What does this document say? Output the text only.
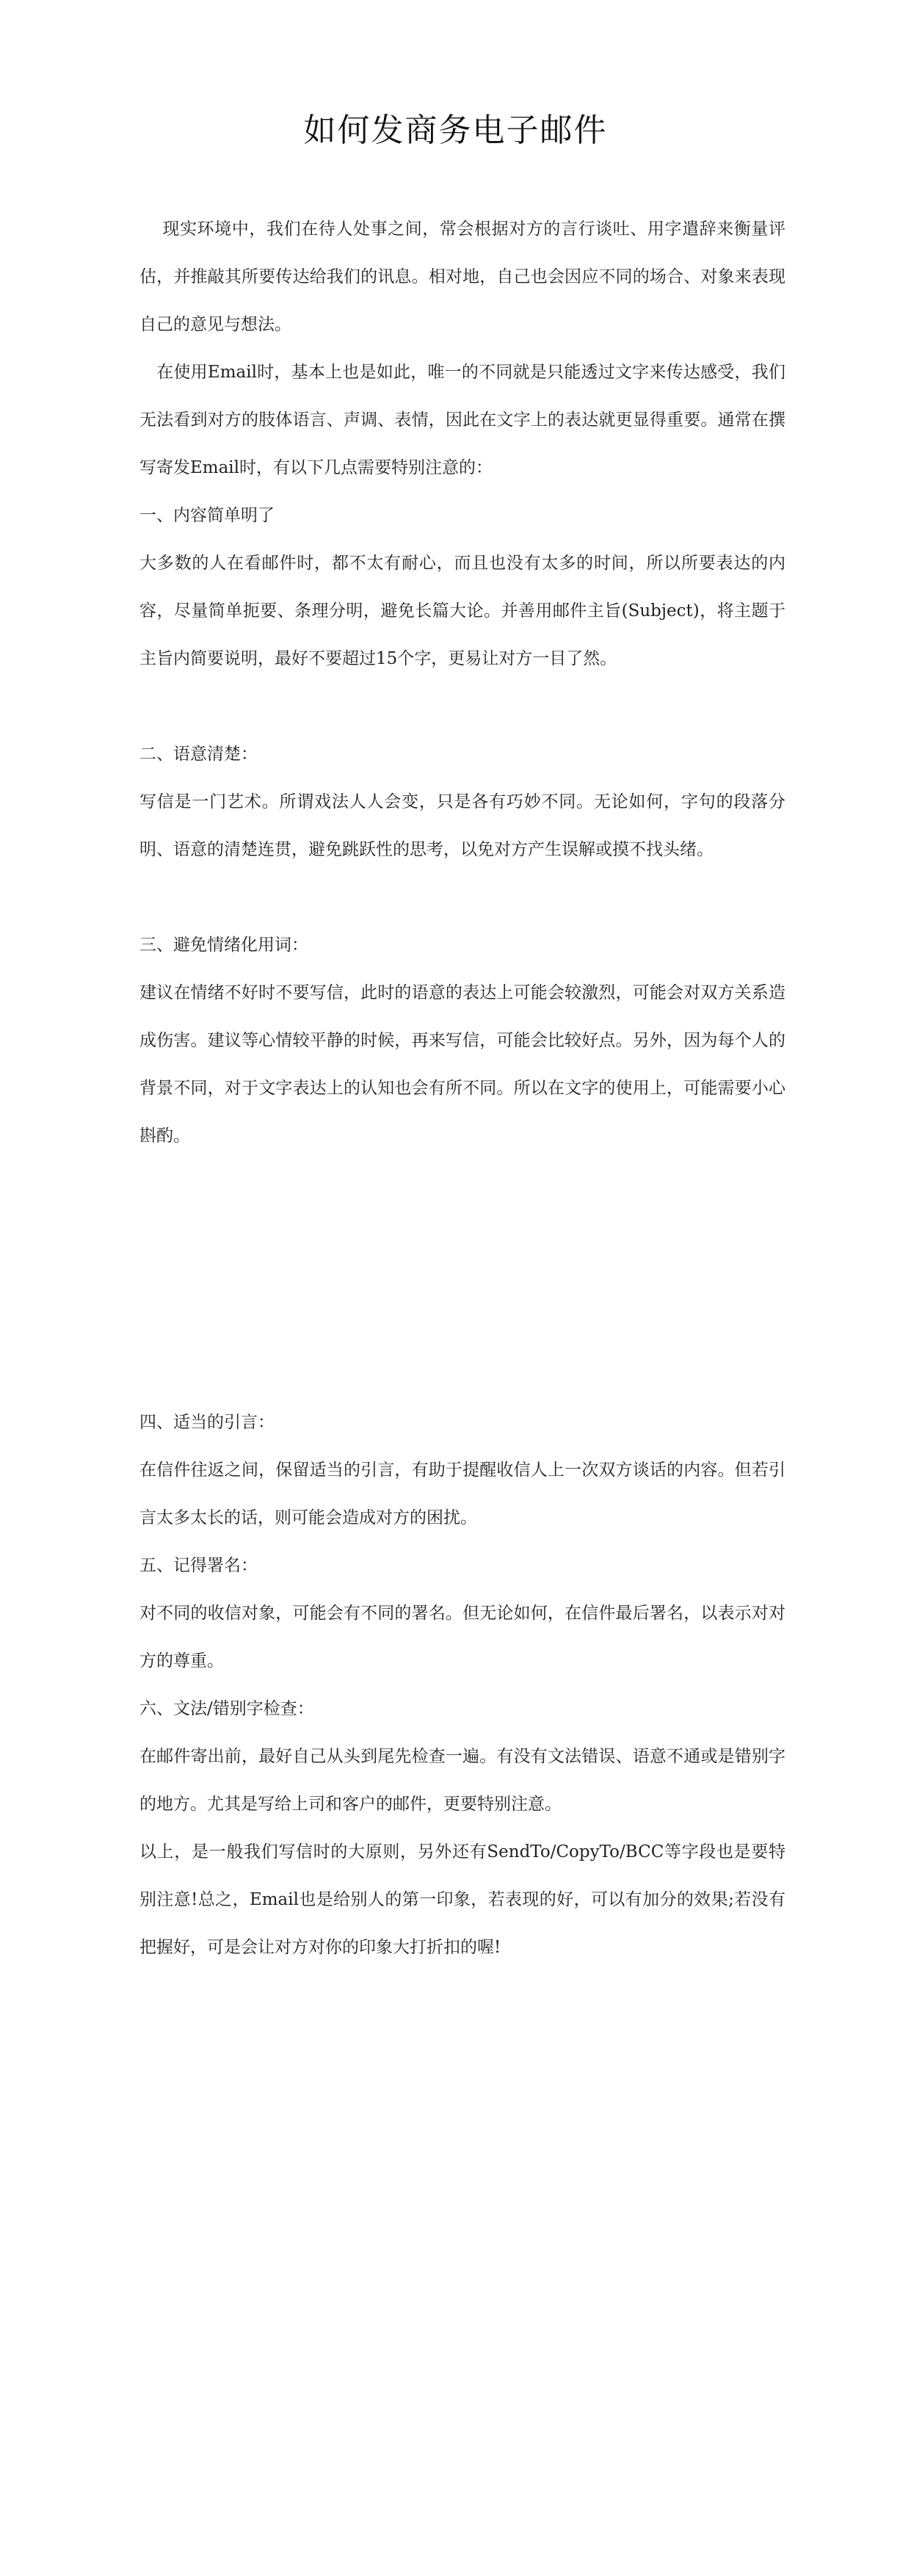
如何发商务电子邮件
　 现实环境中，我们在待人处事之间，常会根据对方的言行谈吐、用字遣辞来衡量评估，并推敲其所要传达给我们的讯息。相对地，自己也会因应不同的场合、对象来表现自己的意见与想法。
　在使用Email时，基本上也是如此，唯一的不同就是只能透过文字来传达感受，我们无法看到对方的肢体语言、声调、表情，因此在文字上的表达就更显得重要。通常在撰写寄发Email时，有以下几点需要特别注意的：
一、内容简单明了
大多数的人在看邮件时，都不太有耐心，而且也没有太多的时间，所以所要表达的内容，尽量简单扼要、条理分明，避免长篇大论。并善用邮件主旨(Subject)，将主题于主旨内简要说明，最好不要超过15个字，更易让对方一目了然。
二、语意清楚：
写信是一门艺术。所谓戏法人人会变，只是各有巧妙不同。无论如何，字句的段落分明、语意的清楚连贯，避免跳跃性的思考，以免对方产生误解或摸不找头绪。
三、避免情绪化用词：
建议在情绪不好时不要写信，此时的语意的表达上可能会较激烈，可能会对双方关系造成伤害。建议等心情较平静的时候，再来写信，可能会比较好点。另外，因为每个人的背景不同，对于文字表达上的认知也会有所不同。所以在文字的使用上，可能需要小心斟酌。
四、适当的引言：
在信件往返之间，保留适当的引言，有助于提醒收信人上一次双方谈话的内容。但若引言太多太长的话，则可能会造成对方的困扰。
五、记得署名：
对不同的收信对象，可能会有不同的署名。但无论如何，在信件最后署名，以表示对对方的尊重。
六、文法/错别字检查：
在邮件寄出前，最好自己从头到尾先检查一遍。有没有文法错误、语意不通或是错别字的地方。尤其是写给上司和客户的邮件，更要特别注意。
以上，是一般我们写信时的大原则，另外还有SendTo/CopyTo/BCC等字段也是要特别注意!总之，Email也是给别人的第一印象，若表现的好，可以有加分的效果;若没有把握好，可是会让对方对你的印象大打折扣的喔!
